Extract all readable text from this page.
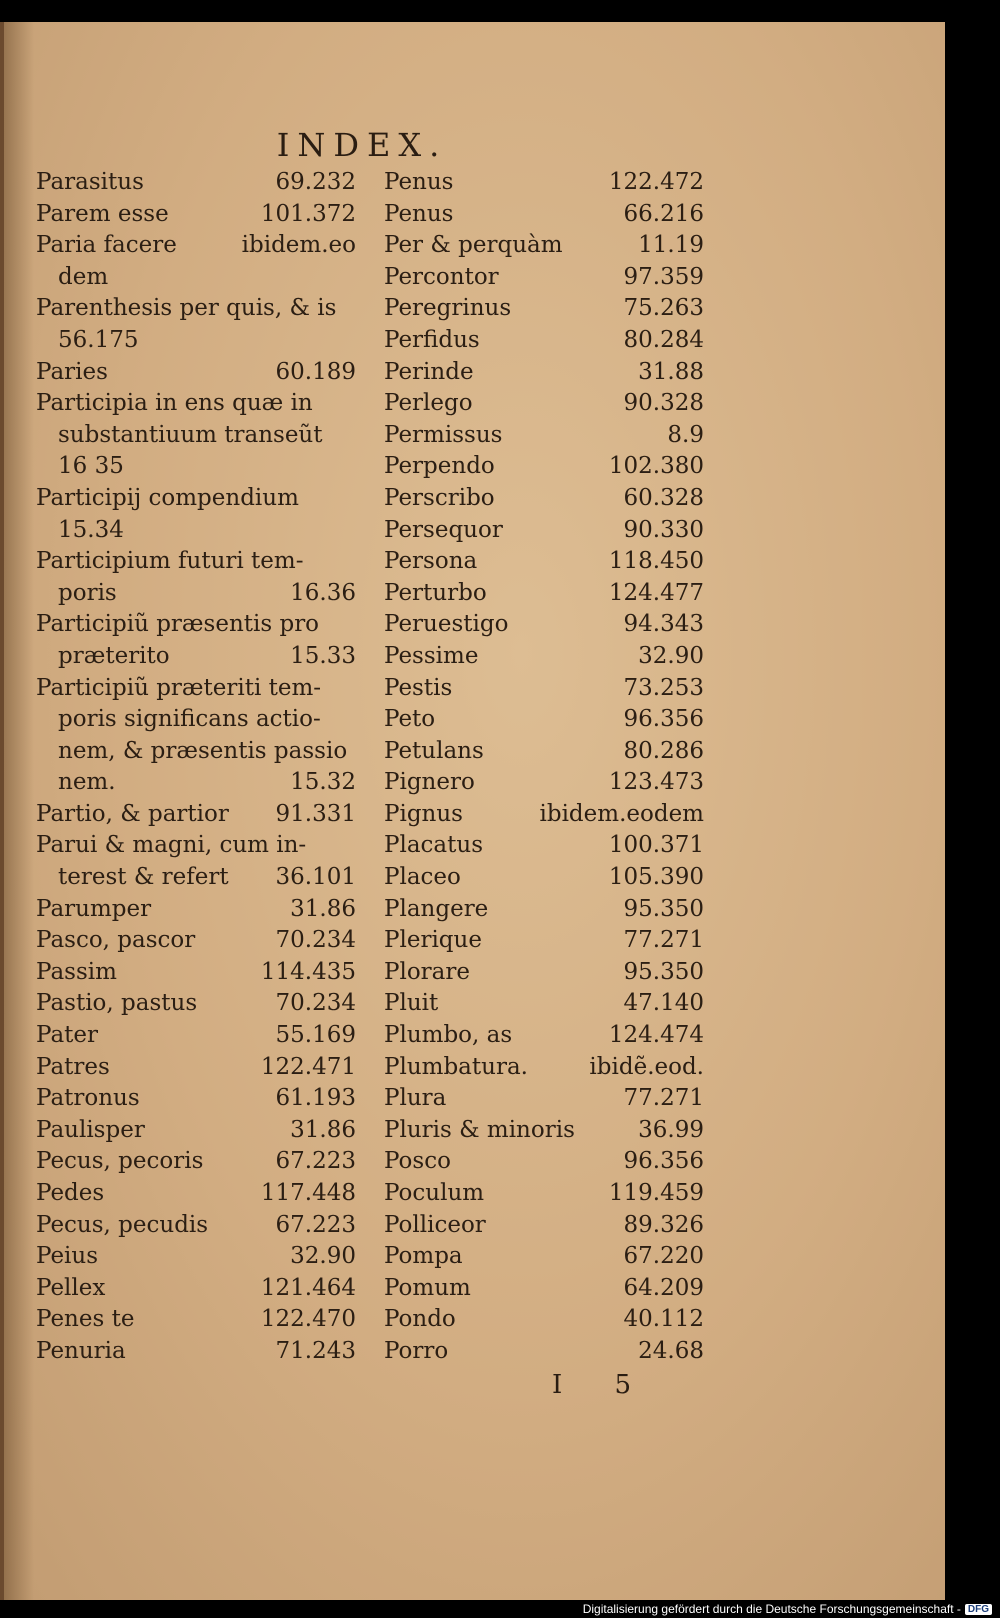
INDEX.
Parasitus	69.232
Parem esse	101.372
Paria facere	ibidem.eo
dem
Parenthesis per quis, & is
56.175
Paries	60.189
Participia in ens quæ in
substantiuum transeũt
16 35
Participij compendium
15.34
Participium futuri tem-
poris	16.36
Participiũ præsentis pro
præterito	15.33
Participiũ præteriti tem-
poris significans actio-
nem, & præsentis passio
nem.	15.32
Partio, & partior 91.331
Parui & magni, cum in-
terest & refert 36.101
Parumper	31.86
Pasco, pascor	70.234
Passim	114.435
Pastio, pastus	70.234
Pater	55.169
Patres	122.471
Patronus	61.193
Paulisper	31.86
Pecus, pecoris	67.223
Pedes	117.448
Pecus, pecudis	67.223
Peius	32.90
Pellex	121.464
Penes te	122.470
Penuria	71.243
Penus	122.472
Penus	66.216
Per & perquàm	11.19
Percontor	97.359
Peregrinus	75.263
Perfidus	80.284
Perinde	31.88
Perlego	90.328
Permissus	8.9
Perpendo	102.380
Perscribo	60.328
Persequor	90.330
Persona	118.450
Perturbo	124.477
Peruestigo	94.343
Pessime	32.90
Pestis	73.253
Peto	96.356
Petulans	80.286
Pignero	123.473
Pignus	ibidem.eodem
Placatus	100.371
Placeo	105.390
Plangere	95.350
Plerique	77.271
Plorare	95.350
Pluit	47.140
Plumbo, as	124.474
Plumbatura.	ibidẽ.eod.
Plura	77.271
Pluris & minoris	36.99
Posco	96.356
Poculum	119.459
Polliceor	89.326
Pompa	67.220
Pomum	64.209
Pondo	40.112
Porro	24.68
I 5
Digitalisierung gefördert durch die Deutsche Forschungsgemeinschaft - DFG
